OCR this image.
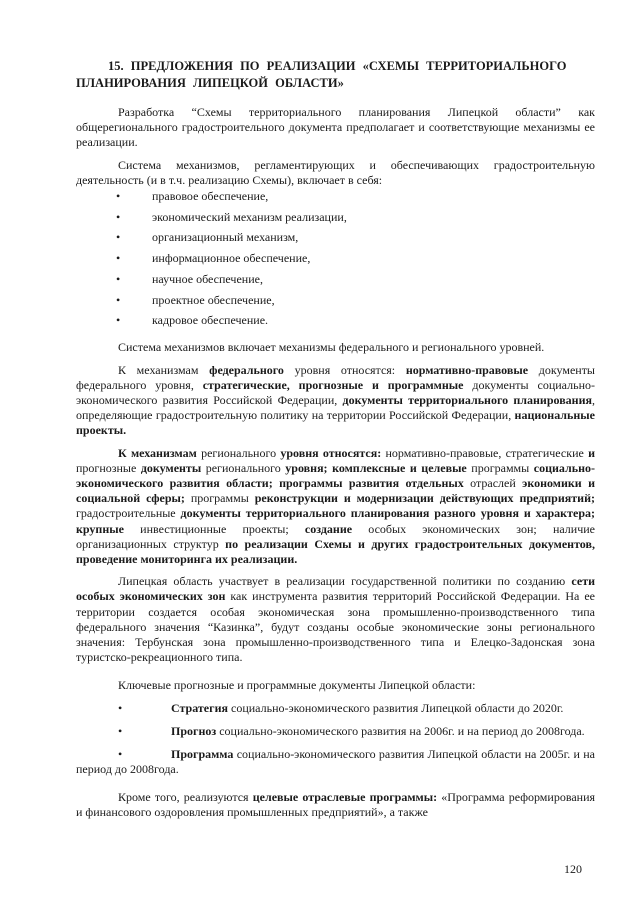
15. ПРЕДЛОЖЕНИЯ ПО РЕАЛИЗАЦИИ «СХЕМЫ ТЕРРИТОРИАЛЬНОГО
ПЛАНИРОВАНИЯ ЛИПЕЦКОЙ ОБЛАСТИ»

Разработка “Схемы территориального планирования Липецкой области” как общерегионального градостроительного документа предполагает и соответствующие механизмы ее реализации.

Система механизмов, регламентирующих и обеспечивающих градостроительную деятельность (и в т.ч. реализацию Схемы), включает в себя:

•	правовое обеспечение,
•	экономический механизм реализации,
•	организационный механизм,
•	информационное обеспечение,
•	научное обеспечение,
•	проектное обеспечение,
•	кадровое обеспечение.

Система механизмов включает механизмы федерального и регионального уровней.

К механизмам федерального уровня относятся: нормативно-правовые документы федерального уровня, стратегические, прогнозные и программные документы социально-экономического развития Российской Федерации, документы территориального планирования, определяющие градостроительную политику на территории Российской Федерации, национальные проекты.

К механизмам регионального уровня относятся: нормативно-правовые, стратегические и прогнозные документы регионального уровня; комплексные и целевые программы социально-экономического развития области; программы развития отдельных отраслей экономики и социальной сферы; программы реконструкции и модернизации действующих предприятий; градостроительные документы территориального планирования разного уровня и характера; крупные инвестиционные проекты; создание особых экономических зон; наличие организационных структур по реализации Схемы и других градостроительных документов, проведение мониторинга их реализации.

Липецкая область участвует в реализации государственной политики по созданию сети особых экономических зон как инструмента развития территорий Российской Федерации. На ее территории создается особая экономическая зона промышленно-производственного типа федерального значения “Казинка”, будут созданы особые экономические зоны регионального значения: Тербунская зона промышленно-производственного типа и Елецко-Задонская зона туристско-рекреационного типа.

Ключевые прогнозные и программные документы Липецкой области:

•	Стратегия социально-экономического развития Липецкой области до 2020г.
•	Прогноз социально-экономического развития на 2006г. и на период до 2008года.
•	Программа социально-экономического развития Липецкой области на 2005г. и на период до 2008года.

Кроме того, реализуются целевые отраслевые программы: «Программа реформирования и финансового оздоровления промышленных предприятий», а также

120
